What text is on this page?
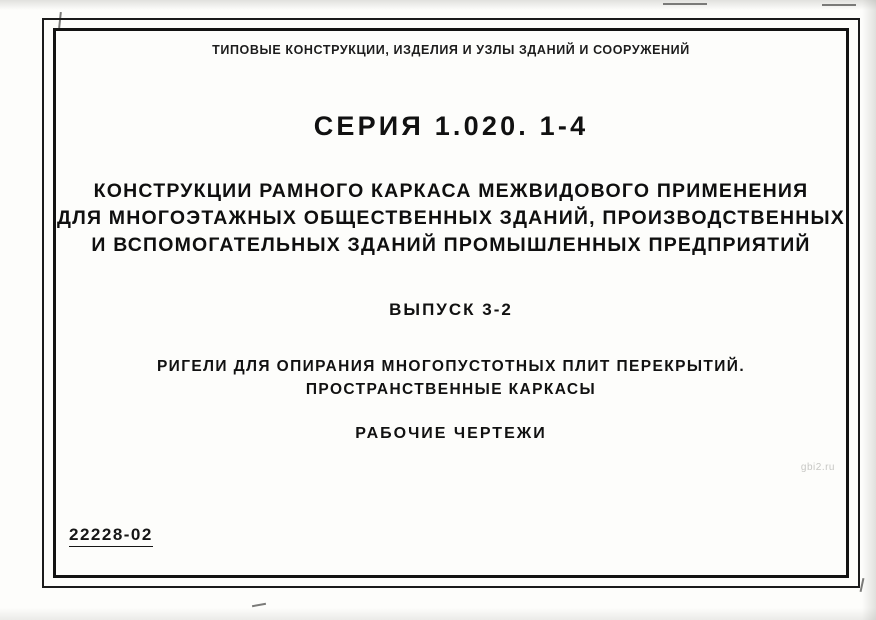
ТИПОВЫЕ КОНСТРУКЦИИ, ИЗДЕЛИЯ И УЗЛЫ ЗДАНИЙ И СООРУЖЕНИЙ
СЕРИЯ 1.020. 1-4
КОНСТРУКЦИИ РАМНОГО КАРКАСА МЕЖВИДОВОГО ПРИМЕНЕНИЯ
ДЛЯ МНОГОЭТАЖНЫХ ОБЩЕСТВЕННЫХ ЗДАНИЙ, ПРОИЗВОДСТВЕННЫХ
И ВСПОМОГАТЕЛЬНЫХ ЗДАНИЙ ПРОМЫШЛЕННЫХ ПРЕДПРИЯТИЙ
ВЫПУСК 3-2
РИГЕЛИ ДЛЯ ОПИРАНИЯ МНОГОПУСТОТНЫХ ПЛИТ ПЕРЕКРЫТИЙ.
ПРОСТРАНСТВЕННЫЕ КАРКАСЫ
РАБОЧИЕ ЧЕРТЕЖИ
22228-02
gbi2.ru
